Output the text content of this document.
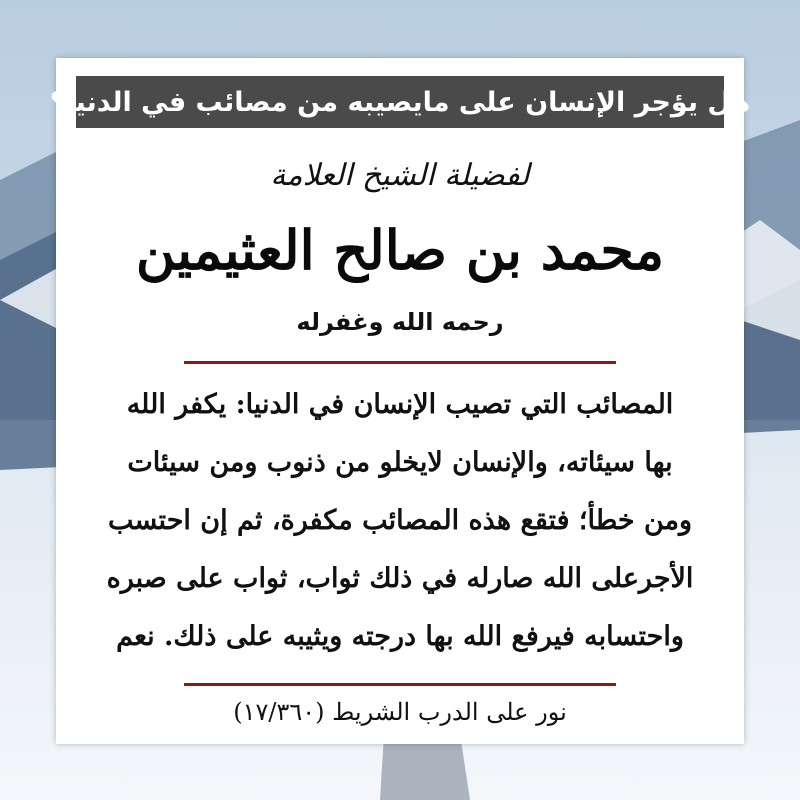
هل يؤجر الإنسان على مايصيبه من مصائب في الدنيا؟
لفضيلة الشيخ العلامة
محمد بن صالح العثيمين
رحمه الله وغفرله
المصائب التي تصيب الإنسان في الدنيا: يكفر الله
بها سيئاته، والإنسان لايخلو من ذنوب ومن سيئات
ومن خطأ؛ فتقع هذه المصائب مكفرة، ثم إن احتسب
الأجرعلى الله صارله في ذلك ثواب، ثواب على صبره
واحتسابه فيرفع الله بها درجته ويثيبه على ذلك. نعم
نور على الدرب الشريط (١٧/٣٦٠)
